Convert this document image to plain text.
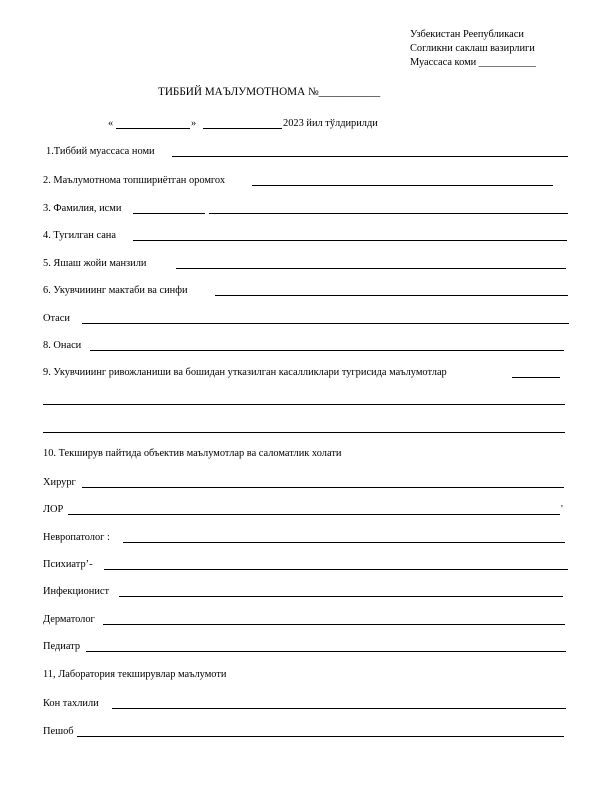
Узбекистан Реепубликаси
Согликни саклаш вазирлиги
Муассаса коми ___________
ТИББИЙ МАЪЛУМОТНОМА №___________
«	»	2023 йил тўлдирилди
1.Тиббий муассаса номи
2. Маълумотнома топшириётган оромгох
3. Фамилия, исми
4. Тугилган сана
5. Яшаш жойи манзили
6. Укувчииинг мактаби ва синфи
Отаси
8. Онаси
9. Укувчииинг ривожланиши ва бошидан утказилган касалликлари тугрисида маълумотлар
10. Текширув пайтида объектив маълумотлар ва саломатлик холати
Хирург
ЛОР	'
Невропатолог :
Психиатр’-
Инфекционист
Дерматолог
Педиатр
11, Лаборатория текширувлар маълумоти
Кон тахлили
Пешоб
